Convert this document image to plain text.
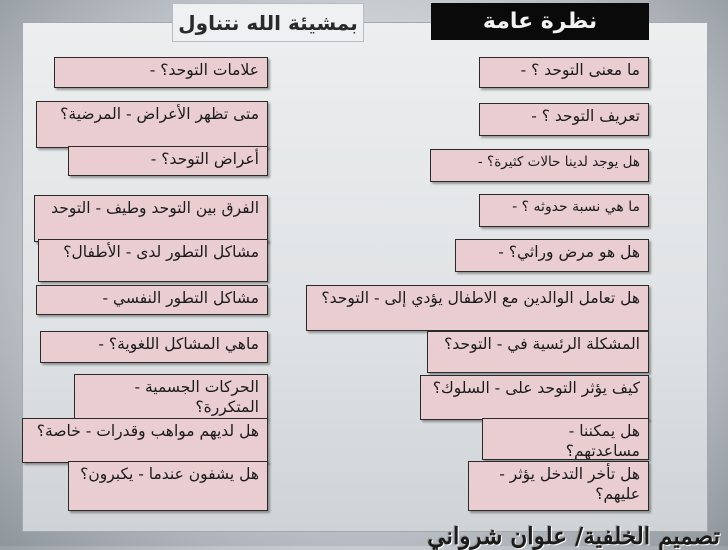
بمشيئة الله نتناول	نظرة عامة
علامات التوحد؟ -
متى تظهر الأعراض - المرضية؟
أعراض التوحد؟ -
الفرق بين التوحد وطيف - التوحد
مشاكل التطور لدى - الأطفال؟
مشاكل التطور النفسي -
ماهي المشاكل اللغوية؟ -
الحركات الجسمية - المتكررة؟
هل لديهم مواهب وقدرات - خاصة؟
هل يشفون عندما - يكبرون؟
ما معنى التوحد ؟ -
تعريف التوحد ؟ -
هل يوجد لدينا حالات كثيرة؟ -
ما هي نسبة حدوثه ؟ -
هل هو مرض وراثي؟ -
هل تعامل الوالدين مع الاطفال يؤدي إلى - التوحد؟
المشكلة الرئسية في - التوحد؟
كيف يؤثر التوحد على - السلوك؟
هل يمكننا - مساعدتهم؟
هل تأخر التدخل يؤثر - عليهم؟
تصميم الخلفية/ علوان شرواني
